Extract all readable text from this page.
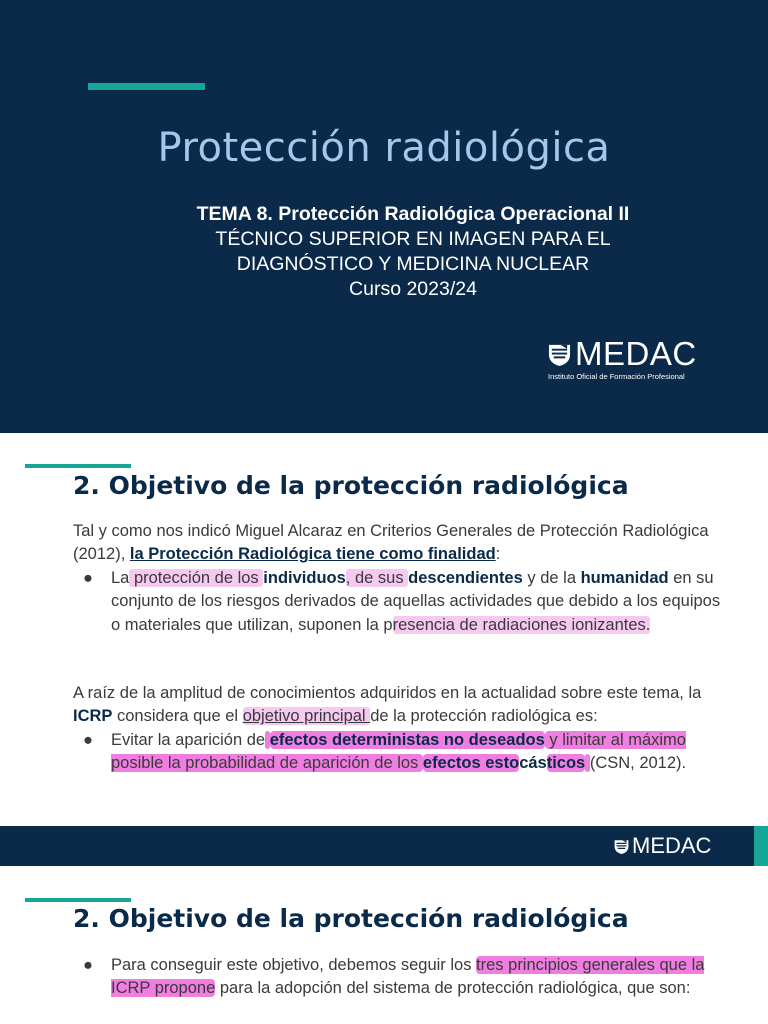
Protección radiológica
TEMA 8. Protección Radiológica Operacional II
TÉCNICO SUPERIOR EN IMAGEN PARA EL
DIAGNÓSTICO Y MEDICINA NUCLEAR
Curso 2023/24
MEDAC
Instituto Oficial de Formación Profesional
2. Objetivo de la protección radiológica
Tal y como nos indicó Miguel Alcaraz en Criterios Generales de Protección Radiológica (2012), la Protección Radiológica tiene como finalidad:
● La protección de los individuos, de sus descendientes y de la humanidad en su conjunto de los riesgos derivados de aquellas actividades que debido a los equipos o materiales que utilizan, suponen la presencia de radiaciones ionizantes.
A raíz de la amplitud de conocimientos adquiridos en la actualidad sobre este tema, la ICRP considera que el objetivo principal de la protección radiológica es:
● Evitar la aparición de efectos deterministas no deseados y limitar al máximo posible la probabilidad de aparición de los efectos estocásticos (CSN, 2012).
MEDAC
2. Objetivo de la protección radiológica
● Para conseguir este objetivo, debemos seguir los tres principios generales que la ICRP propone para la adopción del sistema de protección radiológica, que son:
